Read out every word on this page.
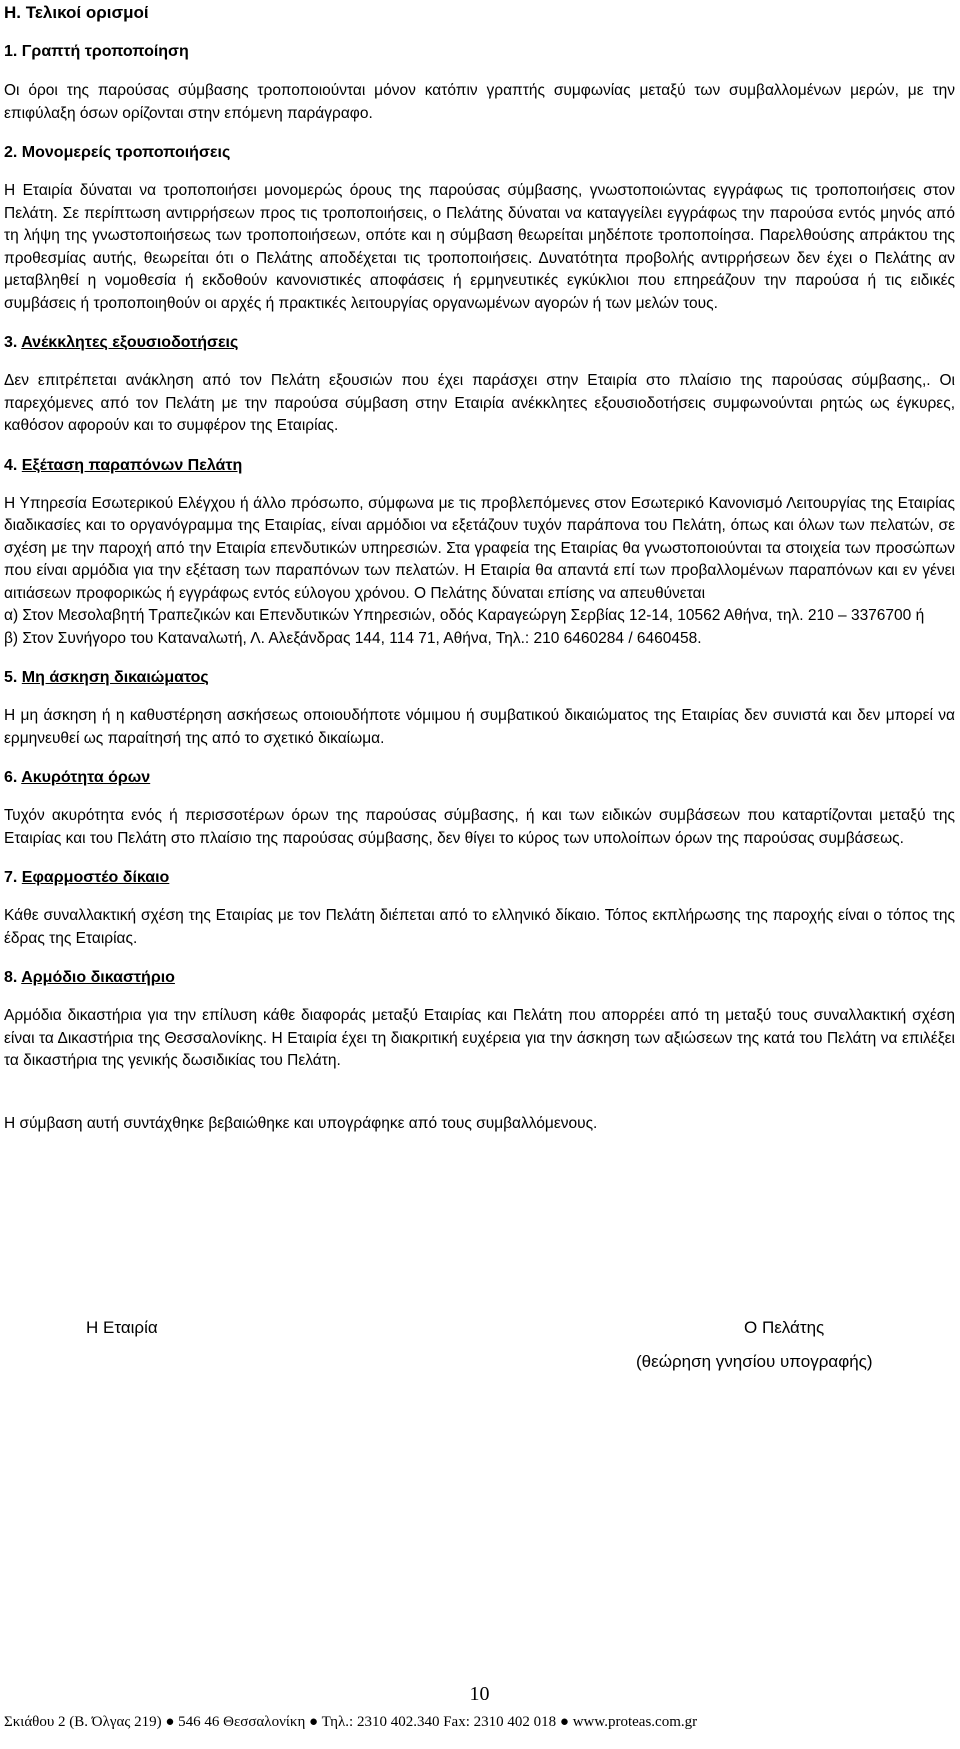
Η. Τελικοί ορισμοί
1. Γραπτή τροποποίηση

Οι όροι της παρούσας σύμβασης τροποποιούνται μόνον κατόπιν γραπτής συμφωνίας μεταξύ των συμβαλλομένων μερών, με την επιφύλαξη όσων ορίζονται στην επόμενη παράγραφο.

2. Μονομερείς τροποποιήσεις

Η Εταιρία δύναται να τροποποιήσει μονομερώς όρους της παρούσας σύμβασης, γνωστοποιώντας εγγράφως τις τροποποιήσεις στον Πελάτη. Σε περίπτωση αντιρρήσεων προς τις τροποποιήσεις, ο Πελάτης δύναται να καταγγείλει εγγράφως την παρούσα εντός μηνός από τη λήψη της γνωστοποιήσεως των τροποποιήσεων, οπότε και η σύμβαση θεωρείται μηδέποτε τροποποίησα. Παρελθούσης απράκτου της προθεσμίας αυτής, θεωρείται ότι ο Πελάτης αποδέχεται τις τροποποιήσεις. Δυνατότητα προβολής αντιρρήσεων δεν έχει ο Πελάτης αν μεταβληθεί η νομοθεσία ή εκδοθούν κανονιστικές αποφάσεις ή ερμηνευτικές εγκύκλιοι που επηρεάζουν την παρούσα ή τις ειδικές συμβάσεις ή τροποποιηθούν οι αρχές ή πρακτικές λειτουργίας οργανωμένων αγορών ή των μελών τους.

3. Ανέκκλητες εξουσιοδοτήσεις

Δεν επιτρέπεται ανάκληση από τον Πελάτη εξουσιών που έχει παράσχει στην Εταιρία στο πλαίσιο της παρούσας σύμβασης,. Οι παρεχόμενες από τον Πελάτη με την παρούσα σύμβαση στην Εταιρία ανέκκλητες εξουσιοδοτήσεις συμφωνούνται ρητώς ως έγκυρες, καθόσον αφορούν και το συμφέρον της Εταιρίας.

4. Εξέταση παραπόνων Πελάτη

Η Υπηρεσία Εσωτερικού Ελέγχου ή άλλο πρόσωπο, σύμφωνα με τις προβλεπόμενες στον Εσωτερικό Κανονισμό Λειτουργίας της Εταιρίας διαδικασίες και το οργανόγραμμα της Εταιρίας, είναι αρμόδιοι να εξετάζουν τυχόν παράπονα του Πελάτη, όπως και όλων των πελατών, σε σχέση με την παροχή από την Εταιρία επενδυτικών υπηρεσιών. Στα γραφεία της Εταιρίας θα γνωστοποιούνται τα στοιχεία των προσώπων που είναι αρμόδια για την εξέταση των παραπόνων των πελατών. Η Εταιρία θα απαντά επί των προβαλλομένων παραπόνων και εν γένει αιτιάσεων προφορικώς ή εγγράφως εντός εύλογου χρόνου. Ο Πελάτης δύναται επίσης να απευθύνεται

α) Στον Μεσολαβητή Τραπεζικών και Επενδυτικών Υπηρεσιών, οδός Καραγεώργη Σερβίας 12-14, 10562 Αθήνα, τηλ. 210 – 3376700 ή

β) Στον Συνήγορο του Καταναλωτή, Λ. Αλεξάνδρας 144, 114 71, Αθήνα, Τηλ.: 210 6460284 / 6460458.

5. Μη άσκηση δικαιώματος

Η μη άσκηση ή η καθυστέρηση ασκήσεως οποιουδήποτε νόμιμου ή συμβατικού δικαιώματος της Εταιρίας δεν συνιστά και δεν μπορεί να ερμηνευθεί ως παραίτησή της από το σχετικό δικαίωμα.

6. Ακυρότητα όρων

Τυχόν ακυρότητα ενός ή περισσοτέρων όρων της παρούσας σύμβασης, ή και των ειδικών συμβάσεων που καταρτίζονται μεταξύ της Εταιρίας και του Πελάτη στο πλαίσιο της παρούσας σύμβασης, δεν θίγει το κύρος των υπολοίπων όρων της παρούσας συμβάσεως.

7. Εφαρμοστέο δίκαιο

Κάθε συναλλακτική σχέση της Εταιρίας με τον Πελάτη διέπεται από το ελληνικό δίκαιο. Τόπος εκπλήρωσης της παροχής είναι ο τόπος της έδρας της Εταιρίας.

8. Αρμόδιο δικαστήριο

Αρμόδια δικαστήρια για την επίλυση κάθε διαφοράς μεταξύ Εταιρίας και Πελάτη που απορρέει από τη μεταξύ τους συναλλακτική σχέση είναι τα Δικαστήρια της Θεσσαλονίκης. Η Εταιρία έχει τη διακριτική ευχέρεια για την άσκηση των αξιώσεων της κατά του Πελάτη να επιλέξει τα δικαστήρια της γενικής δωσιδικίας του Πελάτη.

Η σύμβαση αυτή συντάχθηκε βεβαιώθηκε και υπογράφηκε από τους συμβαλλόμενους.

Η Εταιρία	Ο Πελάτης
(θεώρηση γνησίου υπογραφής)
10
Σκιάθου 2 (Β. Όλγας 219) ● 546 46 Θεσσαλονίκη ● Τηλ.: 2310 402.340 Fax: 2310 402 018 ● www.proteas.com.gr
